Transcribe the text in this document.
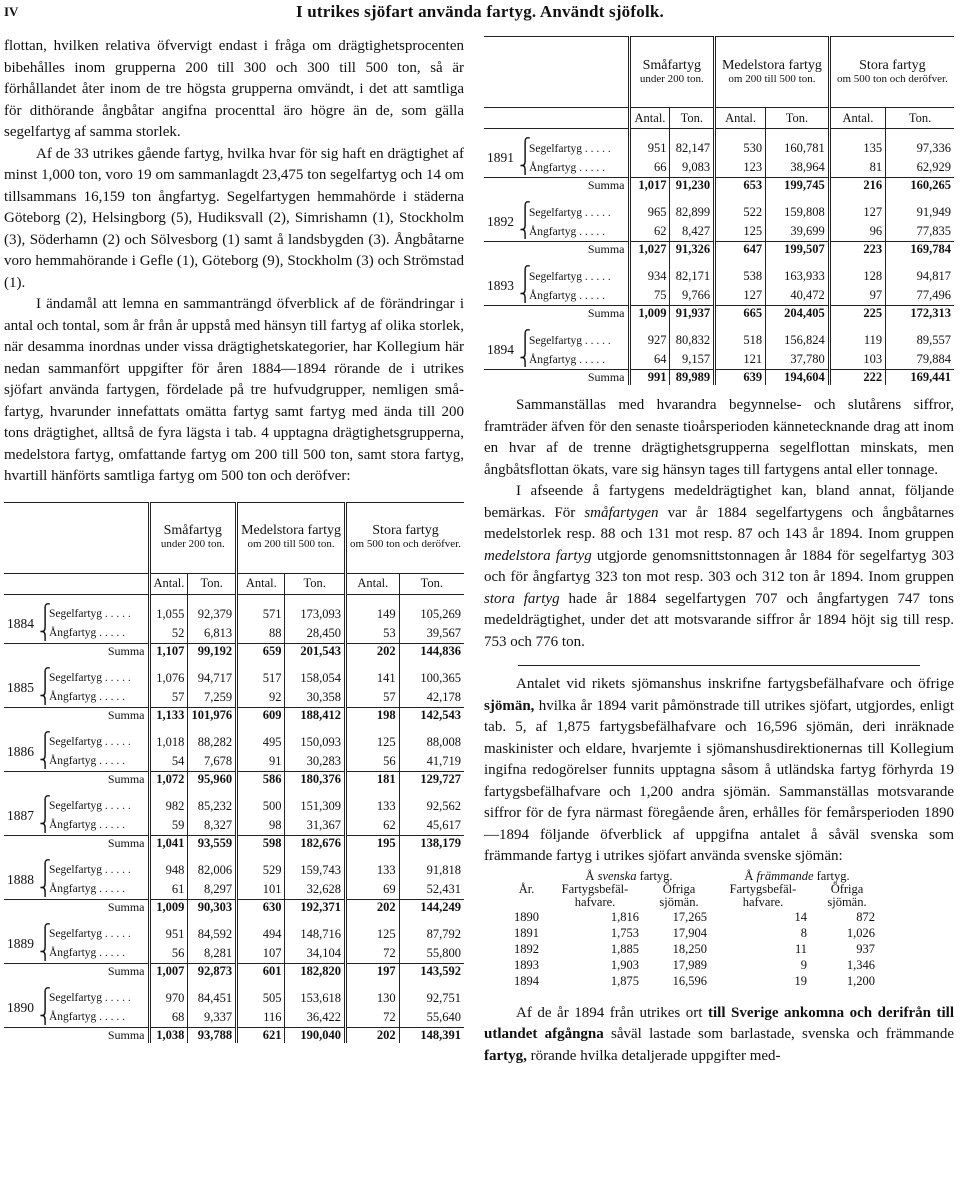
IV	I utrikes sjöfart använda fartyg. Användt sjöfolk.

flottan, hvilken relativa öfvervigt endast i fråga om drägtighetsprocenten bibehålles inom grupperna 200 till 300 och 300 till 500 ton, så är förhållandet åter inom de tre högsta grupperna omvändt, i det att samtliga för dithörande ångbåtar angifna procenttal äro högre än de, som gälla segelfartyg af samma storlek.

Af de 33 utrikes gående fartyg, hvilka hvar för sig haft en drägtighet af minst 1,000 ton, voro 19 om sammanlagdt 23,475 ton segelfartyg och 14 om tillsammans 16,159 ton ångfartyg. Segelfartygen hemmahörde i städerna Göteborg (2), Helsingborg (5), Hudiksvall (2), Simrishamn (1), Stockholm (3), Söderhamn (2) och Sölvesborg (1) samt å landsbygden (3). Ångbåtarne voro hemmahörande i Gefle (1), Göteborg (9), Stockholm (3) och Strömstad (1).

I ändamål att lemna en sammanträngd öfverblick af de förändringar i antal och tontal, som år från år uppstå med hänsyn till fartyg af olika storlek, när desamma inordnas under vissa drägtighetskategorier, har Kollegium här nedan sammanfört uppgifter för åren 1884—1894 rörande de i utrikes sjöfart använda fartygen, fördelade på tre hufvudgrupper, nemligen småfartyg, hvarunder innefattats omätta fartyg samt fartyg med ända till 200 tons drägtighet, alltså de fyra lägsta i tab. 4 upptagna drägtighetsgrupperna, medelstora fartyg, omfattande fartyg om 200 till 500 ton, samt stora fartyg, hvartill hänförts samtliga fartyg om 500 ton och deröfver:

		Småfartyg
under 200 ton.		Medelstora fartyg
om 200 till 500 ton.		Stora fartyg
om 500 ton och deröfver.	
		Antal.	Ton.	Antal.	Ton.	Antal.	Ton.

1884	⎧
Segelfartyg . . . . .	1,055	92,379	571	173,093	149	105,269

	⎨
Ångfartyg . . . . .	52	6,813	88	28,450	53	39,567
	Summa	1,107	99,192	659	201,543	202	144,836

1885	⎧
Segelfartyg . . . . .	1,076	94,717	517	158,054	141	100,365

	⎨
Ångfartyg . . . . .	57	7,259	92	30,358	57	42,178
	Summa	1,133	101,976	609	188,412	198	142,543

1886	⎧
Segelfartyg . . . . .	1,018	88,282	495	150,093	125	88,008

	⎨
Ångfartyg . . . . .	54	7,678	91	30,283	56	41,719
	Summa	1,072	95,960	586	180,376	181	129,727

1887	⎧
Segelfartyg . . . . .	982	85,232	500	151,309	133	92,562

	⎨
Ångfartyg . . . . .	59	8,327	98	31,367	62	45,617
	Summa	1,041	93,559	598	182,676	195	138,179

1888	⎧
Segelfartyg . . . . .	948	82,006	529	159,743	133	91,818

	⎨
Ångfartyg . . . . .	61	8,297	101	32,628	69	52,431
	Summa	1,009	90,303	630	192,371	202	144,249

1889	⎧
Segelfartyg . . . . .	951	84,592	494	148,716	125	87,792

	⎨
Ångfartyg . . . . .	56	8,281	107	34,104	72	55,800
	Summa	1,007	92,873	601	182,820	197	143,592

1890	⎧
Segelfartyg . . . . .	970	84,451	505	153,618	130	92,751

	⎨
Ångfartyg . . . . .	68	9,337	116	36,422	72	55,640
	Summa	1,038	93,788	621	190,040	202	148,391
		Småfartyg
under 200 ton.		Medelstora fartyg
om 200 till 500 ton.		Stora fartyg
om 500 ton och deröfver.	
		Antal.	Ton.	Antal.	Ton.	Antal.	Ton.

1891	⎧
Segelfartyg . . . . .	951	82,147	530	160,781	135	97,336

	⎨
Ångfartyg . . . . .	66	9,083	123	38,964	81	62,929
	Summa	1,017	91,230	653	199,745	216	160,265

1892	⎧
Segelfartyg . . . . .	965	82,899	522	159,808	127	91,949

	⎨
Ångfartyg . . . . .	62	8,427	125	39,699	96	77,835
	Summa	1,027	91,326	647	199,507	223	169,784

1893	⎧
Segelfartyg . . . . .	934	82,171	538	163,933	128	94,817

	⎨
Ångfartyg . . . . .	75	9,766	127	40,472	97	77,496
	Summa	1,009	91,937	665	204,405	225	172,313

1894	⎧
Segelfartyg . . . . .	927	80,832	518	156,824	119	89,557

	⎨
Ångfartyg . . . . .	64	9,157	121	37,780	103	79,884
	Summa	991	89,989	639	194,604	222	169,441

Sammanställas med hvarandra begynnelse- och slutårens siffror, framträder äfven för den senaste tioårsperioden kännetecknande drag att inom en hvar af de trenne drägtighetsgrupperna segelflottan minskats, men ångbåtsflottan ökats, vare sig hänsyn tages till fartygens antal eller tonnage.

I afseende å fartygens medeldrägtighet kan, bland annat, följande bemärkas. För småfartygen var år 1884 segelfartygens och ångbåtarnes medelstorlek resp. 88 och 131 mot resp. 87 och 143 år 1894. Inom gruppen medelstora fartyg utgjorde genomsnittstonnagen år 1884 för segelfartyg 303 och för ångfartyg 323 ton mot resp. 303 och 312 ton år 1894. Inom gruppen stora fartyg hade år 1884 segelfartygen 707 och ångfartygen 747 tons medeldrägtighet, under det att motsvarande siffror år 1894 höjt sig till resp. 753 och 776 ton.

Antalet vid rikets sjömanshus inskrifne fartygsbefälhafvare och öfrige sjömän, hvilka år 1894 varit påmönstrade till utrikes sjöfart, utgjordes, enligt tab. 5, af 1,875 fartygsbefälhafvare och 16,596 sjömän, deri inräknade maskinister och eldare, hvarjemte i sjömanshusdirektionernas till Kollegium ingifna redogörelser funnits upptagna såsom å utländska fartyg förhyrda 19 fartygsbefälhafvare och 1,200 andra sjömän. Sammanställas motsvarande siffror för de fyra närmast föregående åren, erhålles för femårsperioden 1890—1894 följande öfverblick af uppgifna antalet å såväl svenska som främmande fartyg i utrikes sjöfart använda svenske sjömän:

År.	Å svenska fartyg.		Å främmande fartyg.	
	Fartygsbefälhafvare.	Öfriga sjömän.	Fartygsbefälhafvare.	Öfriga sjömän.
1890	1,816	17,265	14	872
1891	1,753	17,904	8	1,026
1892	1,885	18,250	11	937
1893	1,903	17,989	9	1,346
1894	1,875	16,596	19	1,200

Af de år 1894 från utrikes ort till Sverige ankomna och derifrån till utlandet afgångna såväl lastade som barlastade, svenska och främmande fartyg, rörande hvilka detaljerade uppgifter med-
